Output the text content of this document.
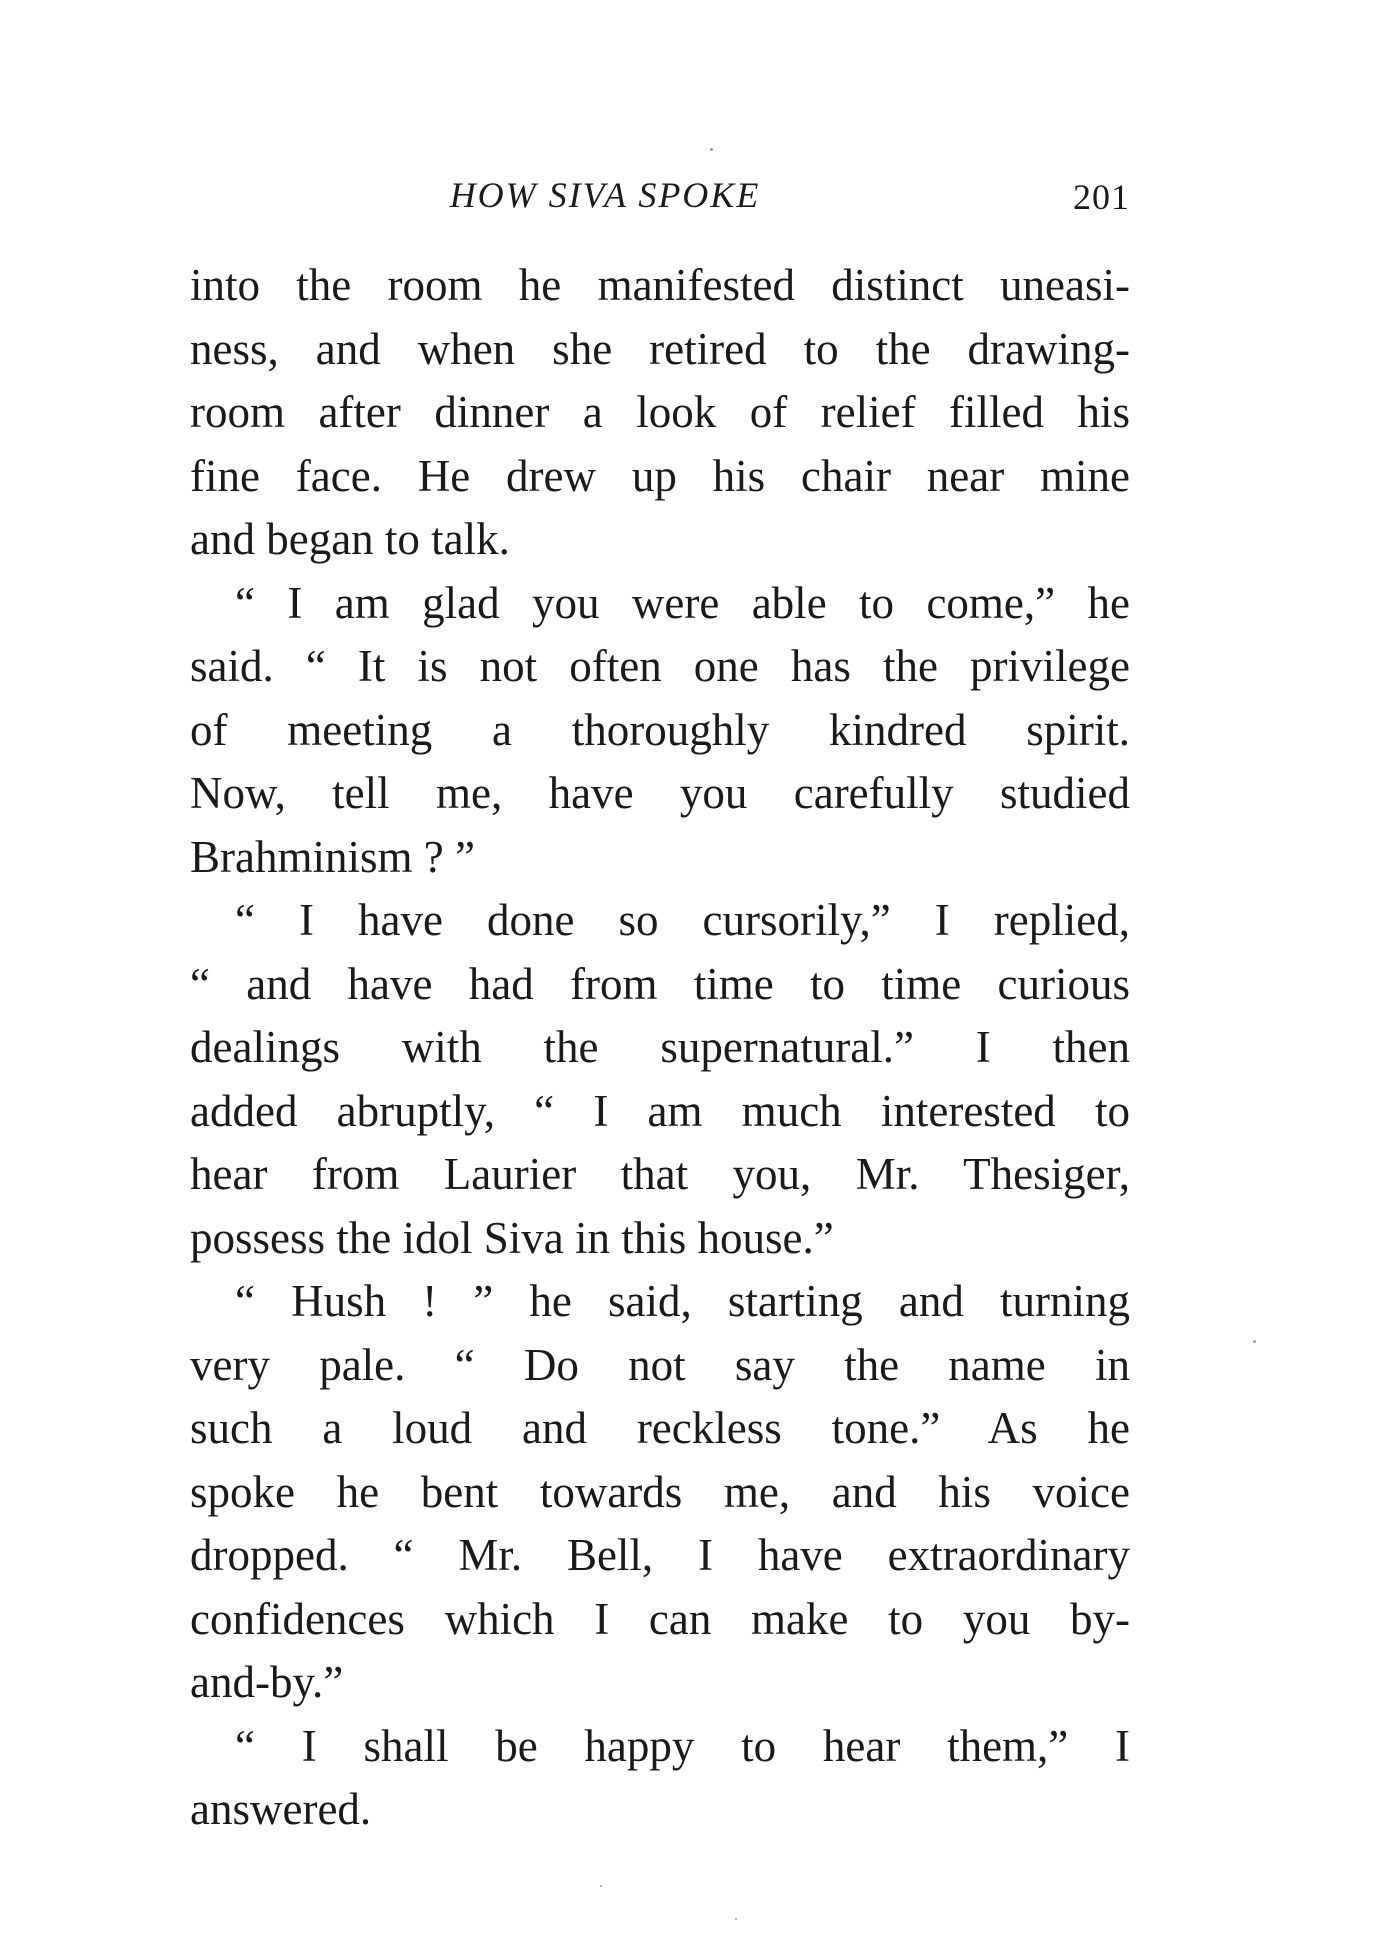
HOW SIVA SPOKE	201
into the room he manifested distinct uneasi-
ness, and when she retired to the drawing-
room after dinner a look of relief filled his
fine face. He drew up his chair near mine
and began to talk.
“ I am glad you were able to come,” he
said. “ It is not often one has the privilege
of meeting a thoroughly kindred spirit.
Now, tell me, have you carefully studied
Brahminism ? ”
“ I have done so cursorily,” I replied,
“ and have had from time to time curious
dealings with the supernatural.” I then
added abruptly, “ I am much interested to
hear from Laurier that you, Mr. Thesiger,
possess the idol Siva in this house.”
“ Hush ! ” he said, starting and turning
very pale. “ Do not say the name in
such a loud and reckless tone.” As he
spoke he bent towards me, and his voice
dropped. “ Mr. Bell, I have extraordinary
confidences which I can make to you by-
and-by.”
“ I shall be happy to hear them,” I
answered.
